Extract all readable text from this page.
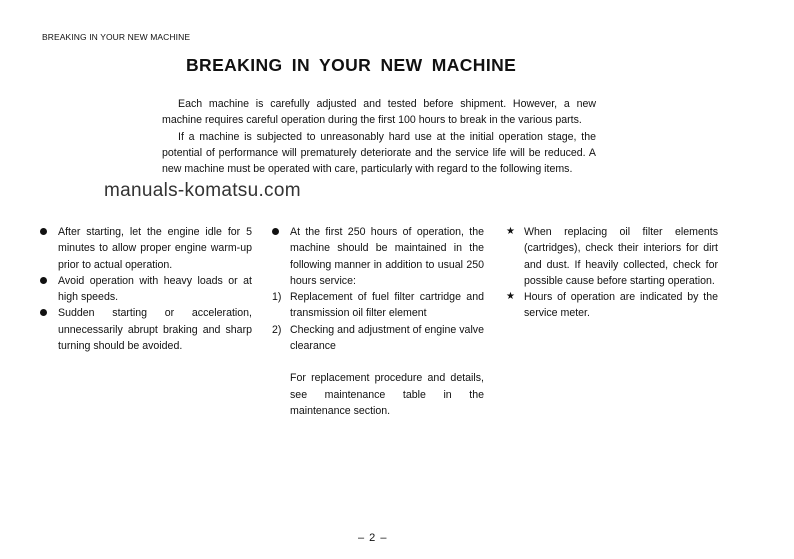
BREAKING IN YOUR NEW MACHINE
BREAKING IN YOUR NEW MACHINE

Each machine is carefully adjusted and tested before shipment. However, a new machine requires careful operation during the first 100 hours to break in the various parts.

If a machine is subjected to unreasonably hard use at the initial operation stage, the potential of performance will prematurely deteriorate and the service life will be reduced. A new machine must be operated with care, particularly with regard to the following items.

manuals-komatsu.com
After starting, let the engine idle for 5 minutes to allow proper engine warm-up prior to actual operation.
Avoid operation with heavy loads or at high speeds.
Sudden starting or acceleration, unnecessarily abrupt braking and sharp turning should be avoided.
At the first 250 hours of operation, the machine should be maintained in the following manner in addition to usual 250 hours service:
1) Replacement of fuel filter cartridge and transmission oil filter element
2) Checking and adjustment of engine valve clearance
For replacement procedure and details, see maintenance table in the maintenance section.
★ When replacing oil filter elements (cartridges), check their interiors for dirt and dust. If heavily collected, check for possible cause before starting operation.
★ Hours of operation are indicated by the service meter.
– 2 –
